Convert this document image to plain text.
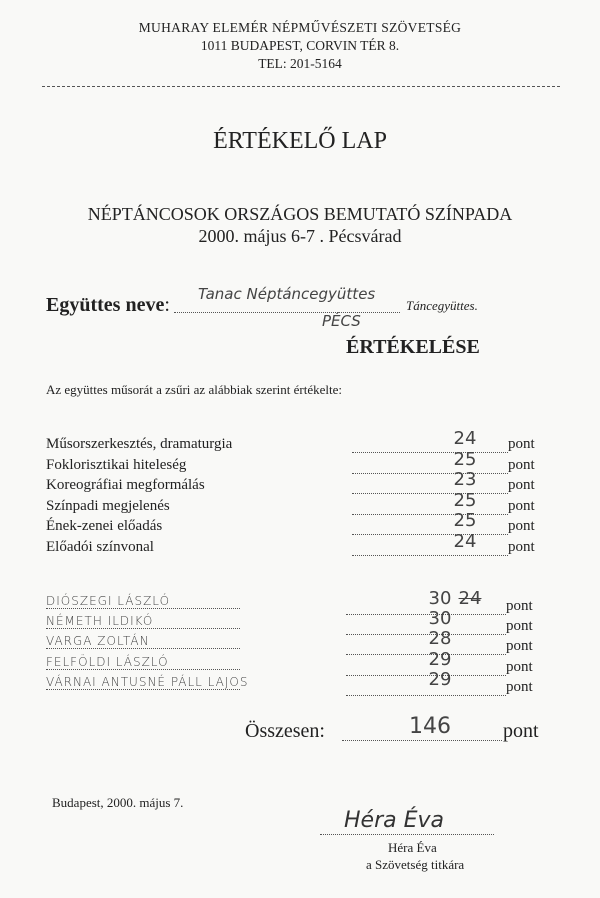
MUHARAY ELEMÉR NÉPMŰVÉSZETI SZÖVETSÉG
1011 BUDAPEST, CORVIN TÉR 8.
TEL: 201-5164
ÉRTÉKELŐ LAP
NÉPTÁNCOSOK ORSZÁGOS BEMUTATÓ SZÍNPADA
2000. május 6-7 . Pécsvárad
Együttes neve: Tanac Néptáncegyüttes
Táncegyüttes.
PÉCS
ÉRTÉKELÉSE
Az együttes műsorát a zsűri az alábbiak szerint értékelte:
Műsorszerkesztés, dramaturgia	24	pont
Foklorisztikai hiteleség	25	pont
Koreográfiai megformálás	23	pont
Színpadi megjelenés	25	pont
Ének-zenei előadás	25	pont
Előadói színvonal	24	pont
DIÓSZEGI LÁSZLÓ	30 24 pont
NÉMETH ILDIKÓ	30	pont
VARGA ZOLTÁN	28	pont
FELFÖLDI LÁSZLÓ	29	pont
VÁRNAI ANTUSNÉ PÁLL LAJOS	29	pont
Összesen:	146	pont
Budapest, 2000. május 7.
Héra Éva
Héra Éva
a Szövetség titkára
